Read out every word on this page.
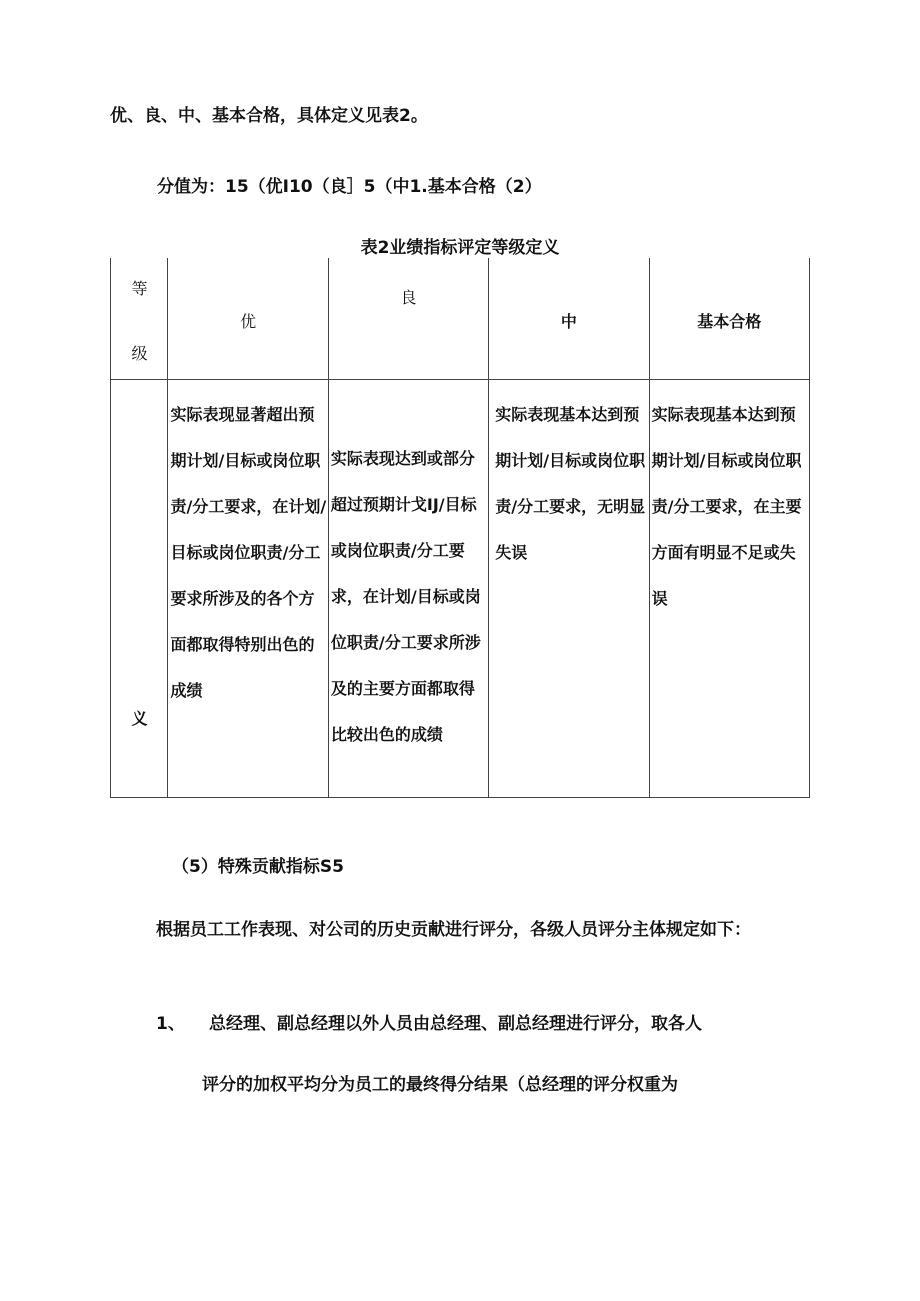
优、良、中、基本合格，具体定义见表2。

分值为：15（优I10（良］5（中1.基本合格（2）

表2业绩指标评定等级定义

等
级	优	良	中	基本合格

义	实际表现显著超出预期计划/目标或岗位职责/分工要求，在计划/目标或岗位职责/分工要求所涉及的各个方面都取得特别出色的成绩	实际表现达到或部分超过预期计戈IJ/目标或岗位职责/分工要求，在计划/目标或岗位职责/分工要求所涉及的主要方面都取得比较出色的成绩	实际表现基本达到预期计划/目标或岗位职责/分工要求，无明显失误	实际表现基本达到预期计划/目标或岗位职责/分工要求，在主要方面有明显不足或失误

（5）特殊贡献指标S5

根据员工工作表现、对公司的历史贡献进行评分，各级人员评分主体规定如下：

1、 总经理、副总经理以外人员由总经理、副总经理进行评分，取各人

评分的加权平均分为员工的最终得分结果（总经理的评分权重为
